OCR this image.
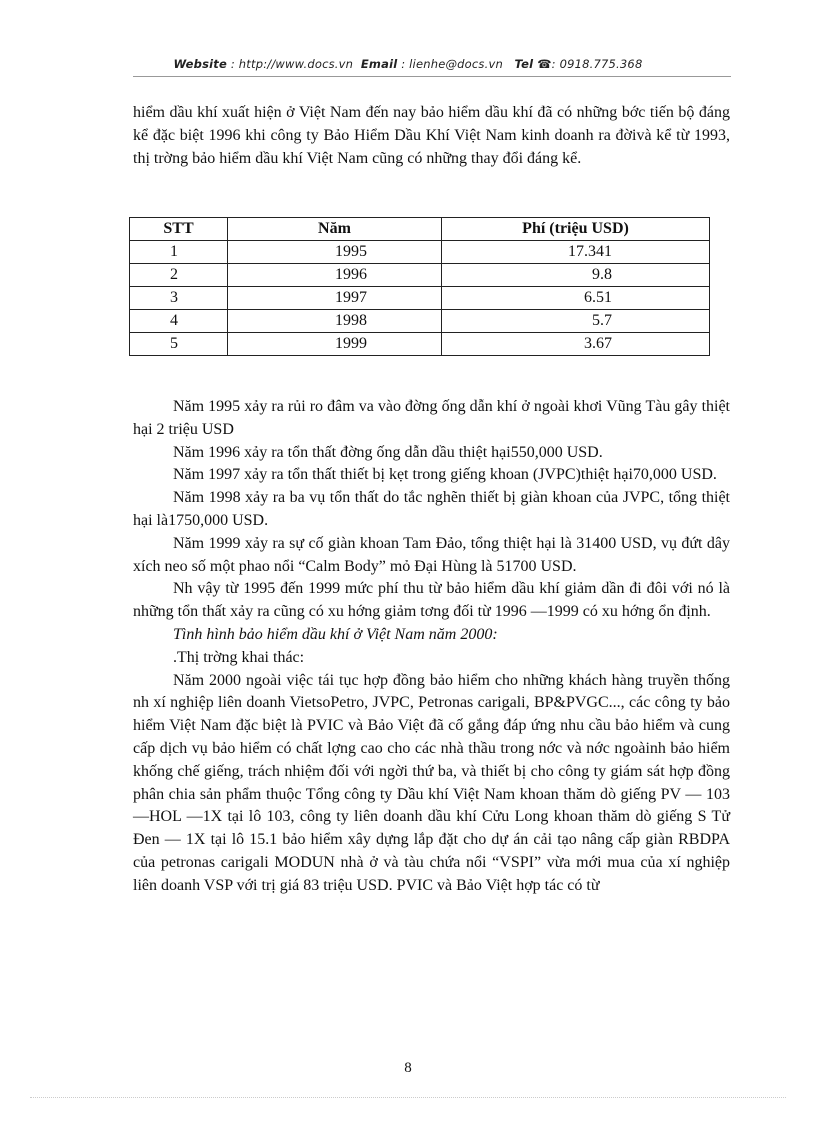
Website : http://www.docs.vn Email : lienhe@docs.vn Tel ☎: 0918.775.368

hiểm dầu khí xuất hiện ở Việt Nam đến nay bảo hiểm dầu khí đã có những bớc tiến bộ đáng kể đặc biệt 1996 khi công ty Bảo Hiểm Dầu Khí Việt Nam kinh doanh ra đờivà kể từ 1993, thị trờng bảo hiểm dầu khí Việt Nam cũng có những thay đổi đáng kể.

STT	Năm	Phí (triệu USD)
1	1995	17.341
2	1996	9.8
3	1997	6.51
4	1998	5.7
5	1999	3.67

Năm 1995 xảy ra rủi ro đâm va vào đờng ống dẫn khí ở ngoài khơi Vũng Tàu gây thiệt hại 2 triệu USD

Năm 1996 xảy ra tổn thất đờng ống dẫn dầu thiệt hại550,000 USD.

Năm 1997 xảy ra tổn thất thiết bị kẹt trong giếng khoan (JVPC)thiệt hại70,000 USD.

Năm 1998 xảy ra ba vụ tổn thất do tắc nghẽn thiết bị giàn khoan của JVPC, tổng thiệt hại là1750,000 USD.

Năm 1999 xảy ra sự cố giàn khoan Tam Đảo, tổng thiệt hại là 31400 USD, vụ đứt dây xích neo số một phao nổi “Calm Body” mỏ Đại Hùng là 51700 USD.

Nh vậy từ 1995 đến 1999 mức phí thu từ bảo hiểm dầu khí giảm dần đi đôi với nó là những tổn thất xảy ra cũng có xu hớng giảm tơng đối từ 1996 —1999 có xu hớng ổn định.

Tình hình bảo hiểm dầu khí ở Việt Nam năm 2000:

.Thị trờng khai thác:

Năm 2000 ngoài việc tái tục hợp đồng bảo hiểm cho những khách hàng truyền thống nh xí nghiệp liên doanh VietsoPetro, JVPC, Petronas carigali, BP&PVGC..., các công ty bảo hiểm Việt Nam đặc biệt là PVIC và Bảo Việt đã cố gắng đáp ứng nhu cầu bảo hiểm và cung cấp dịch vụ bảo hiểm có chất lợng cao cho các nhà thầu trong nớc và nớc ngoàinh bảo hiểm khống chế giếng, trách nhiệm đối với ngời thứ ba, và thiết bị cho công ty giám sát hợp đồng phân chia sản phẩm thuộc Tổng công ty Dầu khí Việt Nam khoan thăm dò giếng PV — 103 —HOL —1X tại lô 103, công ty liên doanh dầu khí Cửu Long khoan thăm dò giếng S Tử Đen — 1X tại lô 15.1 bảo hiểm xây dựng lắp đặt cho dự án cải tạo nâng cấp giàn RBDPA của petronas carigali MODUN nhà ở và tàu chứa nổi “VSPI” vừa mới mua của xí nghiệp liên doanh VSP với trị giá 83 triệu USD. PVIC và Bảo Việt hợp tác có từ

8
